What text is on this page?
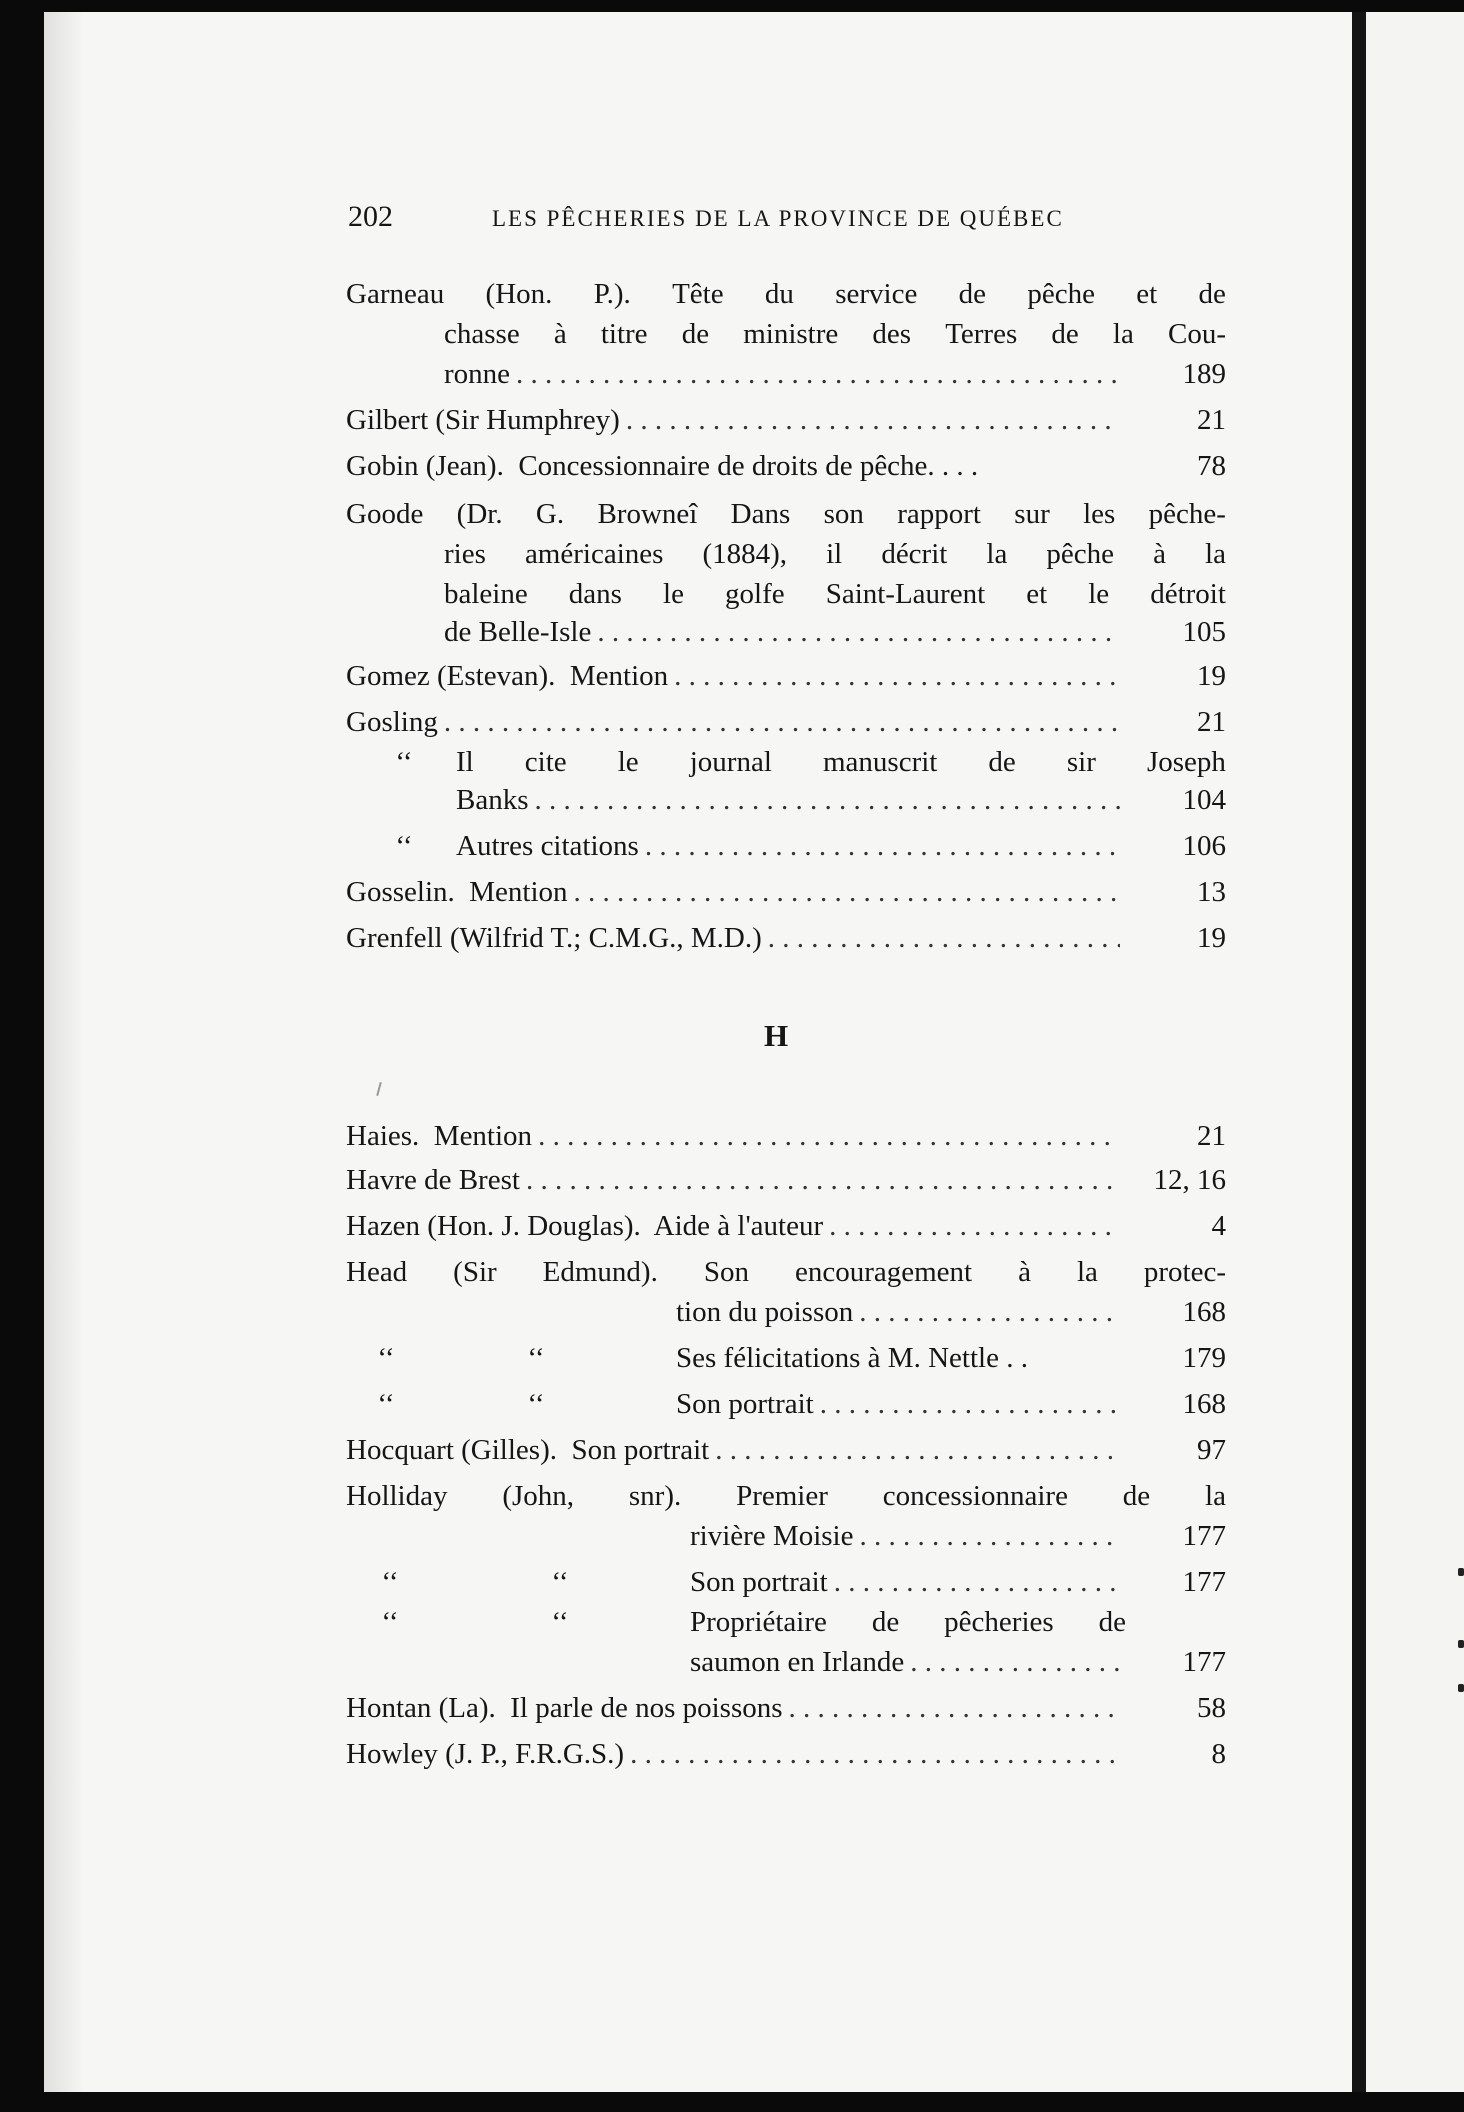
202	LES PÊCHERIES DE LA PROVINCE DE QUÉBEC
Garneau (Hon. P.). Tête du service de pêche et de
chasse à titre de ministre des Terres de la Cou-
ronne . . .	189
Gilbert (Sir Humphrey) . . .	21
Gobin (Jean).  Concessionnaire de droits de pêche. . . .	78
Goode (Dr. G. Browneî Dans son rapport sur les pêche-
ries américaines (1884), il décrit la pêche à la
baleine dans le golfe Saint-Laurent et le détroit
de Belle-Isle . . .	105
Gomez (Estevan).  Mention . . .	19
Gosling . . .	21
‘‘	Il cite le journal manuscrit de sir Joseph
Banks . . .	104
‘‘	Autres citations . . .	106
Gosselin.  Mention . . .	13
Grenfell (Wilfrid T.; C.M.G., M.D.) . . .	19
Haies.  Mention . . .	21
Havre de Brest . . .	12, 16
Hazen (Hon. J. Douglas).  Aide à l'auteur . . .	4
Head (Sir Edmund). Son encouragement à la protec-
tion du poisson . . .	168
‘‘	‘‘	Ses félicitations à M. Nettle . .	179
‘‘	‘‘	Son portrait . . .	168
Hocquart (Gilles).  Son portrait . . .	97
Holliday (John, snr). Premier concessionnaire de la
rivière Moisie . . .	177
‘‘	‘‘	Son portrait . . .	177
‘‘	‘‘	Propriétaire de pêcheries de
saumon en Irlande . . .	177
Hontan (La).  Il parle de nos poissons . . .	58
Howley (J. P., F.R.G.S.) . . .	8
H
